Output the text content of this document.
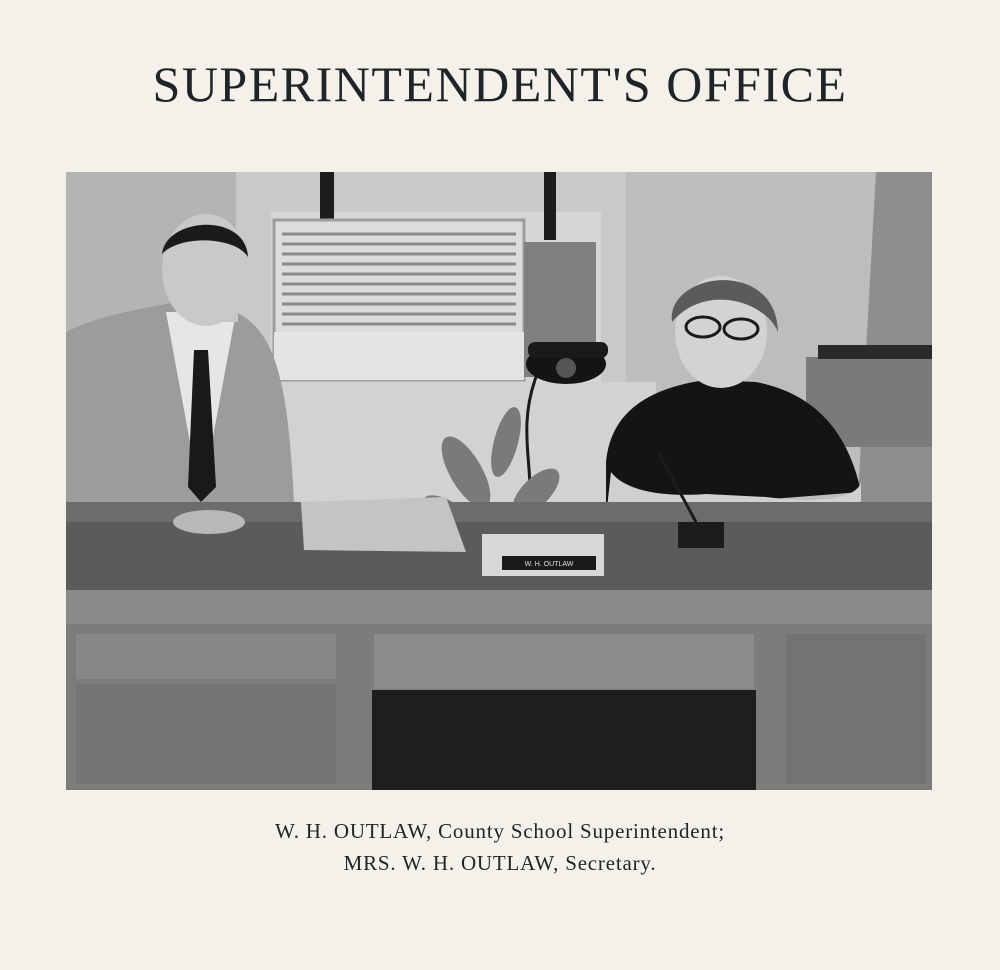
SUPERINTENDENT'S OFFICE
W. H. OUTLAW
W. H. OUTLAW, County School Superintendent;
MRS. W. H. OUTLAW, Secretary.
